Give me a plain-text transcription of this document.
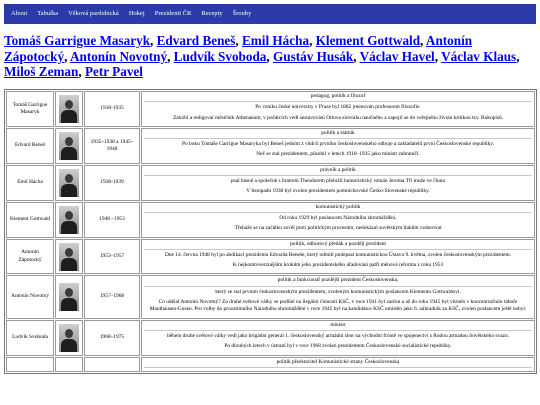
About	Tabulka	Věková pardubická	Hokej	Prezidenti ČR	Recepty	Šrouby
Tomáš Garrigue Masaryk, Edvard Beneš, Emil Hácha, Klement Gottwald, Antonín Zápotocký, Antonín Novotný, Ludvík Svoboda, Gustáv Husák, Václav Havel, Václav Klaus, Miloš Zeman, Petr Pavel
Tomáš Garrigue Masaryk		1918-1935	pedagog, politik a filozof

Po vzniku české univerzity v Praze byl 1882 jmenován profesorem filozofie.

Založil a redigoval měsíčník Athenaeum, v počátcích vedl sestavování Ottova slovníku naučného a zapojil se do veřejného života kritikou tzv. Rukopisů.

Edvard Beneš		1935–1938 a 1945–1948	politik a státník

Po boku Tomáše Garrigue Masaryka byl Beneš jedním z vůdců prvního československého odboje a zakladatelů první Československé republiky.

Než se stal prezidentem, působil v letech 1918–1935 jako ministr zahraničí.

Emil Hácha		1938-1939	právník a politik

psal básně a společně s bratrem Theodorem přeložil humoristický román Jeroma Tři muže ve člunu

V listopadu 1938 byl zvolen prezidentem pomnichovské Česko-Slovenské republiky.

Klement Gottwald		1948 –1953	komunistický politik

Od roku 1929 byl poslancem Národního shromáždění,

Třebaže se na začátku sověl proti politickým procesům, nedokázal sovětským tlakům vzdorovat

Antonín Zápotocký		1953–1957	politik, odborový předák a později prezident

Dne 14. června 1948 byl po abdikaci prezidenta Edvarda Beneše, který odmítl podepsat komunistickou Ústavu 9. května, zvolen československým prezidentem.

K nejkontroverznějším krokům jeho prezidentského úřadování patří měnová reforma z roku 1953

Antonín Novotný		1957–1968	politik a funkcionář pozdější prezident Československa,

který se stal prvním československým prezidentem, zvoleným komunistickým poslancem Klementu Gottwaldovi.

Co udělal Antonín Novotný? Za druhé světové války se podílel na ilegální činnosti KSČ, v roce 1941 byl zatčen a až do roku 1945 byl vězněn v koncentračním táboře Mauthausen-Gusen. Pro volby do prozatímního Národního shromáždění v roce 1945 byl na kandidátce KSČ umístěn jako 6. náhradník za KSČ, zvolen poslancem ještě nebyl.

Ludvík Svoboda		1968–1975	ministr

během druhé světové války vedl jako brigádní generál 1. československý armádní sbor na východní frontě ve spojenectví s Rudou armádou Sovětského svazu.

Po dlouhých letech v ústraní byl v roce 1968 zvolen prezidentem Československé socialistické republiky.

			politik představitel Komunistické strany Československa
